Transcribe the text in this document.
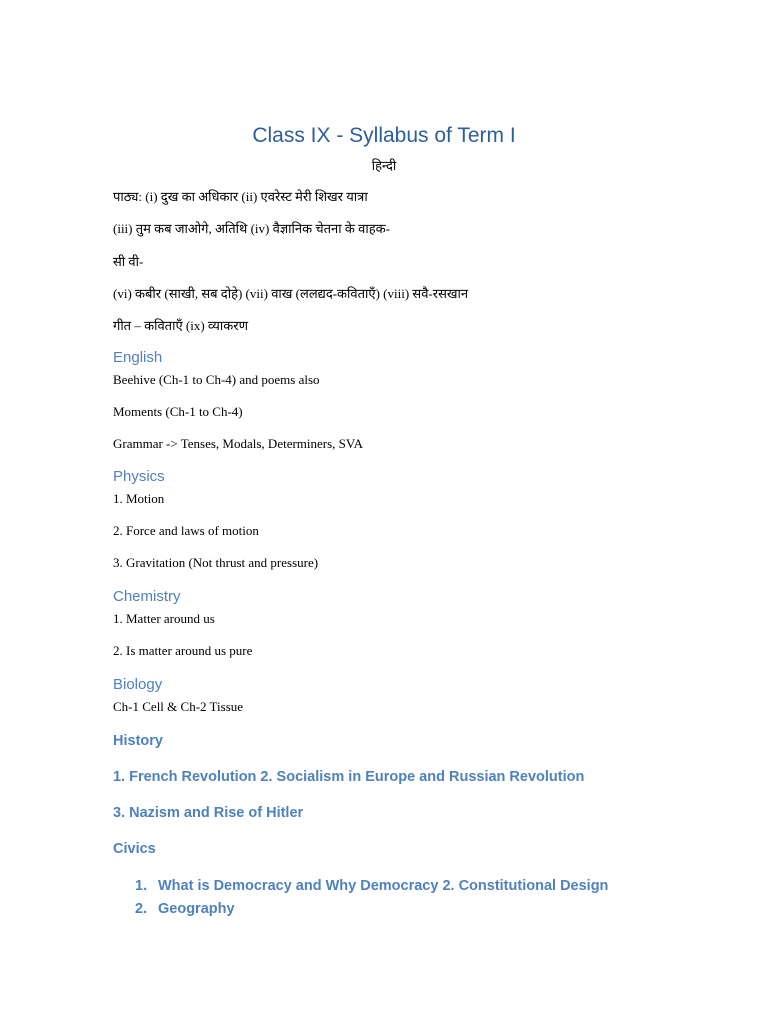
Class IX - Syllabus of Term I
हिन्दी
पाठ्य: (i) दुख का अधिकार (ii) एवरेस्ट मेरी शिखर यात्रा
(iii) तुम कब जाओगे, अतिथि (iv) वैज्ञानिक चेतना के वाहक-
सी वी-
(vi) कबीर (साखी, सब दोहे) (vii) वाख (ललद्यद-कविताएँ) (viii) सवै-रसखान
गीत – कविताएँ (ix) व्याकरण
English
Beehive (Ch-1 to Ch-4) and poems also
Moments (Ch-1 to Ch-4)
Grammar -> Tenses, Modals, Determiners, SVA
Physics
1. Motion
2. Force and laws of motion
3. Gravitation (Not thrust and pressure)
Chemistry
1. Matter around us
2. Is matter around us pure
Biology
Ch-1 Cell & Ch-2 Tissue
History
1. French Revolution 2. Socialism in Europe and Russian Revolution
3. Nazism and Rise of Hitler
Civics
1. What is Democracy and Why Democracy 2. Constitutional Design
2. Geography
